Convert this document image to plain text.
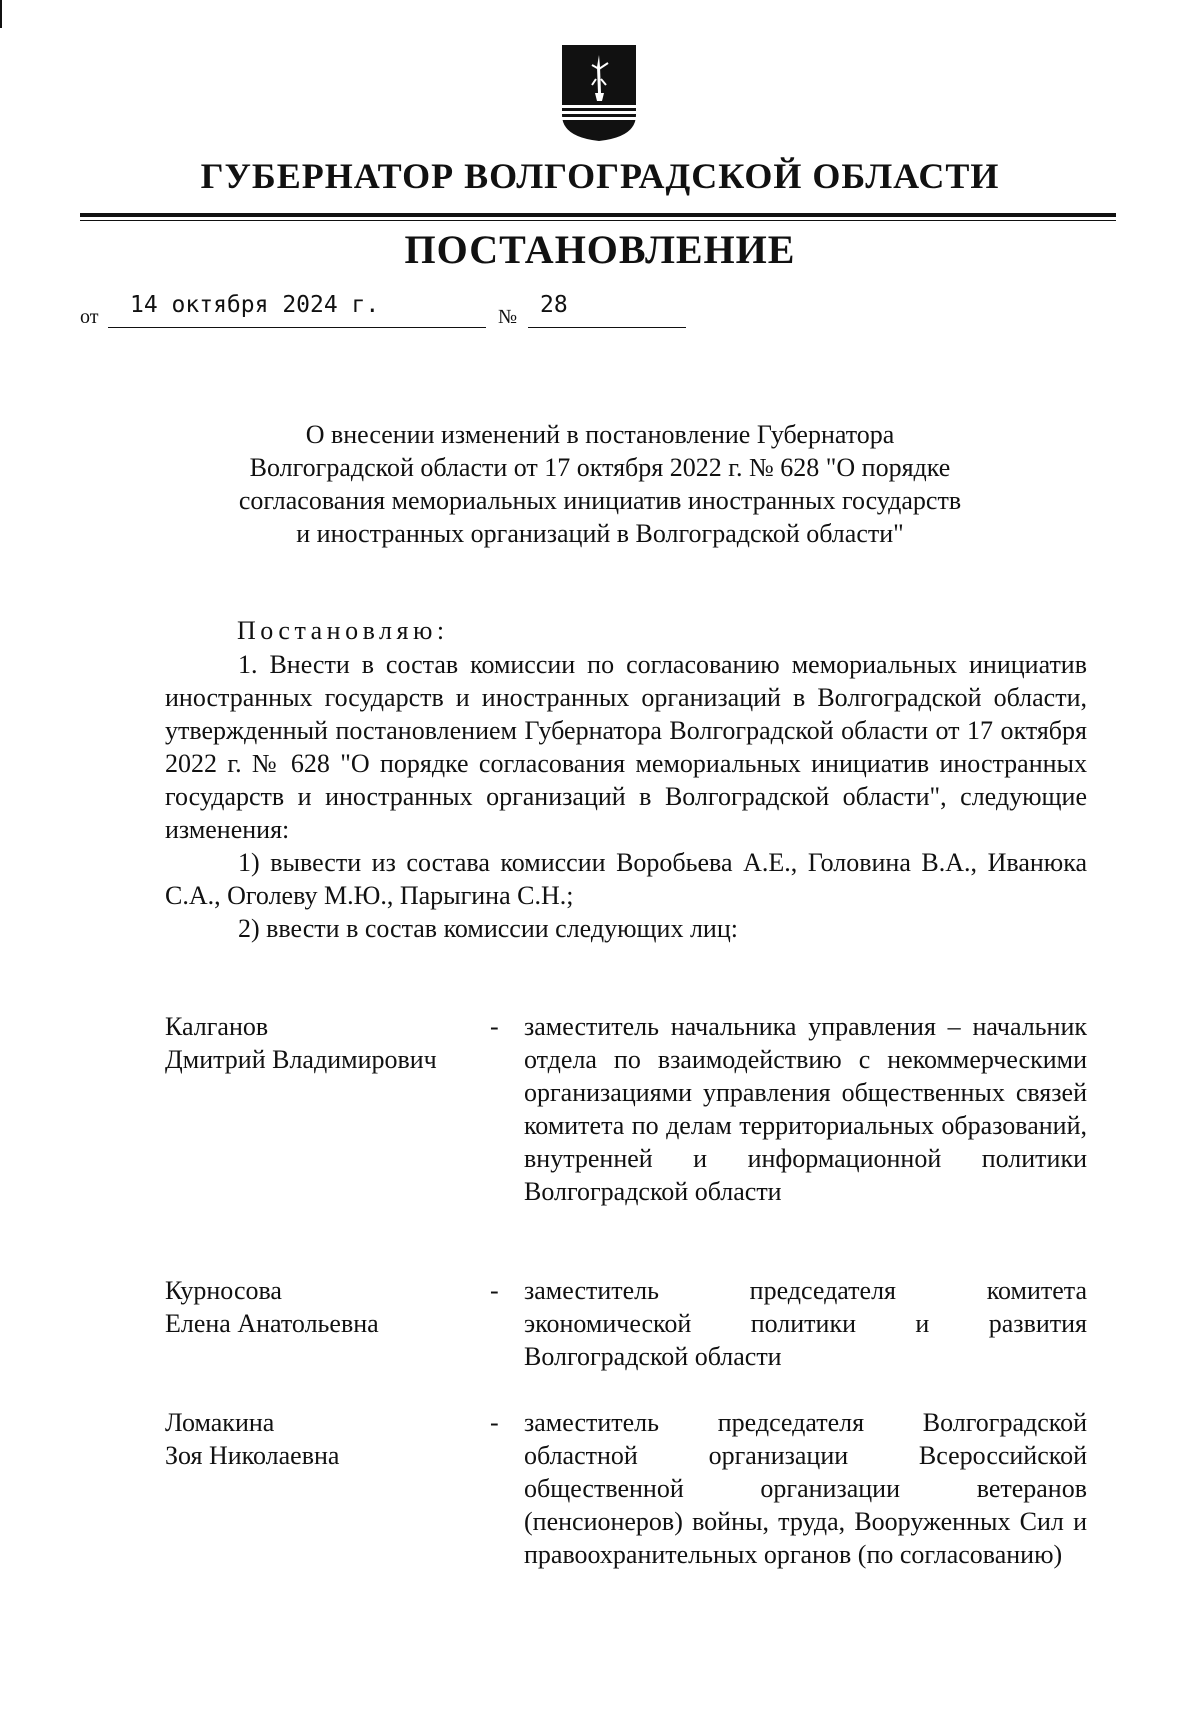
ГУБЕРНАТОР ВОЛГОГРАДСКОЙ ОБЛАСТИ
ПОСТАНОВЛЕНИЕ
от 14 октября 2024 г.	№ 28
О внесении изменений в постановление Губернатора
Волгоградской области от 17 октября 2022 г. № 628 "О порядке
согласования мемориальных инициатив иностранных государств
и иностранных организаций в Волгоградской области"
Постановляю:

1. Внести в состав комиссии по согласованию мемориальных инициатив иностранных государств и иностранных организаций в Волгоградской области, утвержденный постановлением Губернатора Волгоградской области от 17 октября 2022 г. № 628 "О порядке согласования мемориальных инициатив иностранных государств и иностранных организаций в Волгоградской области", следующие изменения:

1) вывести из состава комиссии Воробьева А.Е., Головина В.А., Иванюка С.А., Оголеву М.Ю., Парыгина С.Н.;

2) ввести в состав комиссии следующих лиц:

Калганов
Дмитрий Владимирович
- заместитель начальника управления – начальник отдела по взаимодействию с некоммерческими организациями управления общественных связей комитета по делам территориальных образований, внутренней и информационной политики Волгоградской области
Курносова
Елена Анатольевна
- заместитель председателя комитета экономической политики и развития Волгоградской области
Ломакина
Зоя Николаевна
- заместитель председателя Волгоградской областной организации Всероссийской общественной организации ветеранов (пенсионеров) войны, труда, Вооруженных Сил и правоохранительных органов (по согласованию)
